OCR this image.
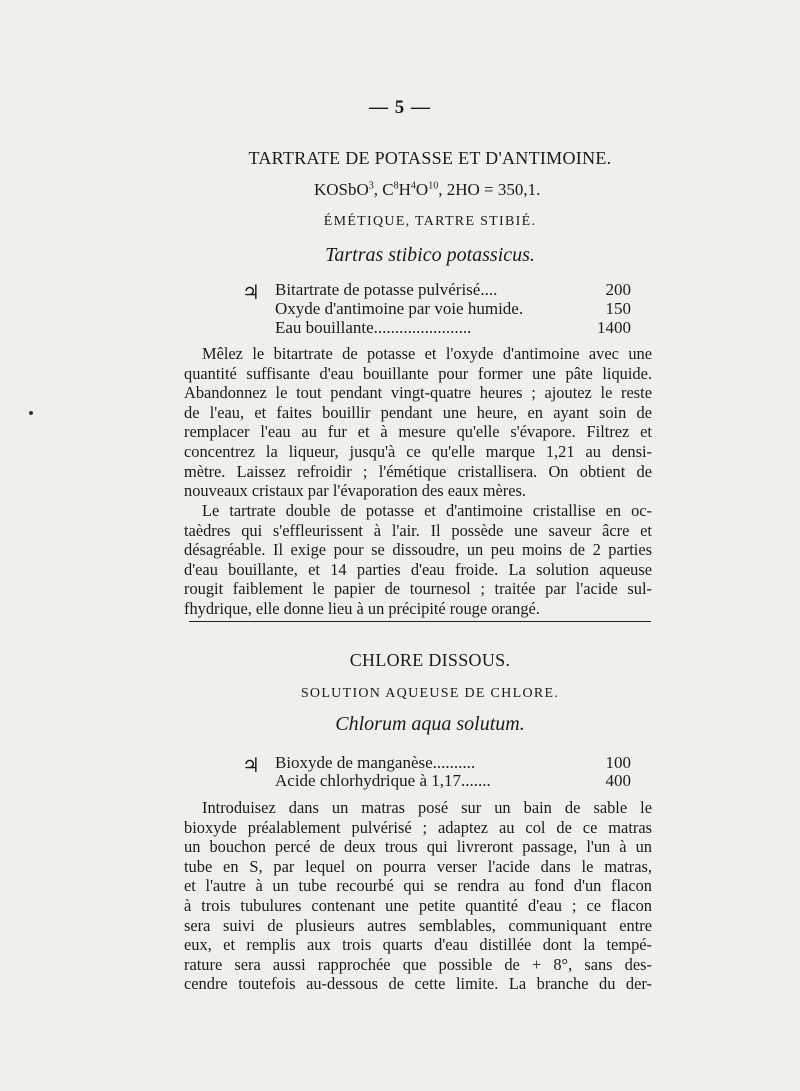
— 5 —
TARTRATE DE POTASSE ET D'ANTIMOINE.
KOSbO$^3$, $C^8H^4O^{10}$, 2HO = 350,1.
ÉMÉTIQUE, TARTRE STIBIÉ.
Tartras stibico potassicus.
♃ Bitartrate de potasse pulvérisé....	200
Oxyde d'antimoine par voie humide.	150
Eau bouillante.......................	1400
Mêlez le bitartrate de potasse et l'oxyde d'antimoine avec une
quantité suffisante d'eau bouillante pour former une pâte liquide.
Abandonnez le tout pendant vingt-quatre heures ; ajoutez le reste
de l'eau, et faites bouillir pendant une heure, en ayant soin de
remplacer l'eau au fur et à mesure qu'elle s'évapore. Filtrez et
concentrez la liqueur, jusqu'à ce qu'elle marque 1,21 au densi-
mètre. Laissez refroidir ; l'émétique cristallisera. On obtient de
nouveaux cristaux par l'évaporation des eaux mères.
Le tartrate double de potasse et d'antimoine cristallise en oc-
taèdres qui s'effleurissent à l'air. Il possède une saveur âcre et
désagréable. Il exige pour se dissoudre, un peu moins de 2 parties
d'eau bouillante, et 14 parties d'eau froide. La solution aqueuse
rougit faiblement le papier de tournesol ; traitée par l'acide sul-
fhydrique, elle donne lieu à un précipité rouge orangé.
CHLORE DISSOUS.
SOLUTION AQUEUSE DE CHLORE.
Chlorum aqua solutum.
♃ Bioxyde de manganèse..........	100
Acide chlorhydrique à 1,17.......	400
Introduisez dans un matras posé sur un bain de sable le
bioxyde préalablement pulvérisé ; adaptez au col de ce matras
un bouchon percé de deux trous qui livreront passage, l'un à un
tube en S, par lequel on pourra verser l'acide dans le matras,
et l'autre à un tube recourbé qui se rendra au fond d'un flacon
à trois tubulures contenant une petite quantité d'eau ; ce flacon
sera suivi de plusieurs autres semblables, communiquant entre
eux, et remplis aux trois quarts d'eau distillée dont la tempé-
rature sera aussi rapprochée que possible de + 8°, sans des-
cendre toutefois au-dessous de cette limite. La branche du der-
